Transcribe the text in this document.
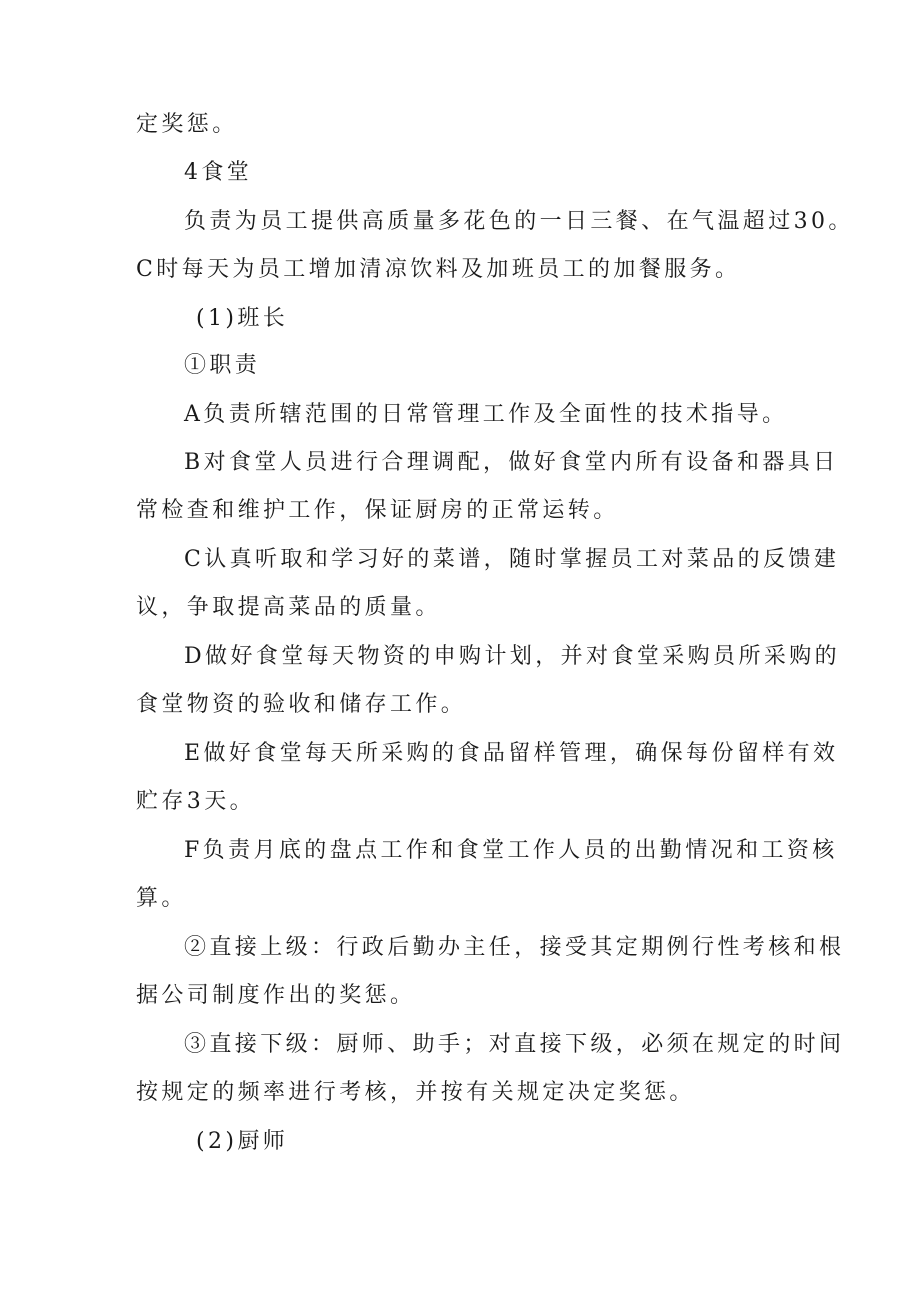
定奖惩。
4食堂
负责为员工提供高质量多花色的一日三餐、在气温超过30。
C时每天为员工增加清凉饮料及加班员工的加餐服务。
(1)班长
①职责
A负责所辖范围的日常管理工作及全面性的技术指导。
B对食堂人员进行合理调配，做好食堂内所有设备和器具日
常检查和维护工作，保证厨房的正常运转。
C认真听取和学习好的菜谱，随时掌握员工对菜品的反馈建
议，争取提高菜品的质量。
D做好食堂每天物资的申购计划，并对食堂采购员所采购的
食堂物资的验收和储存工作。
E做好食堂每天所采购的食品留样管理，确保每份留样有效
贮存3天。
F负责月底的盘点工作和食堂工作人员的出勤情况和工资核
算。
②直接上级：行政后勤办主任，接受其定期例行性考核和根
据公司制度作出的奖惩。
③直接下级：厨师、助手；对直接下级，必须在规定的时间
按规定的频率进行考核，并按有关规定决定奖惩。
(2)厨师
